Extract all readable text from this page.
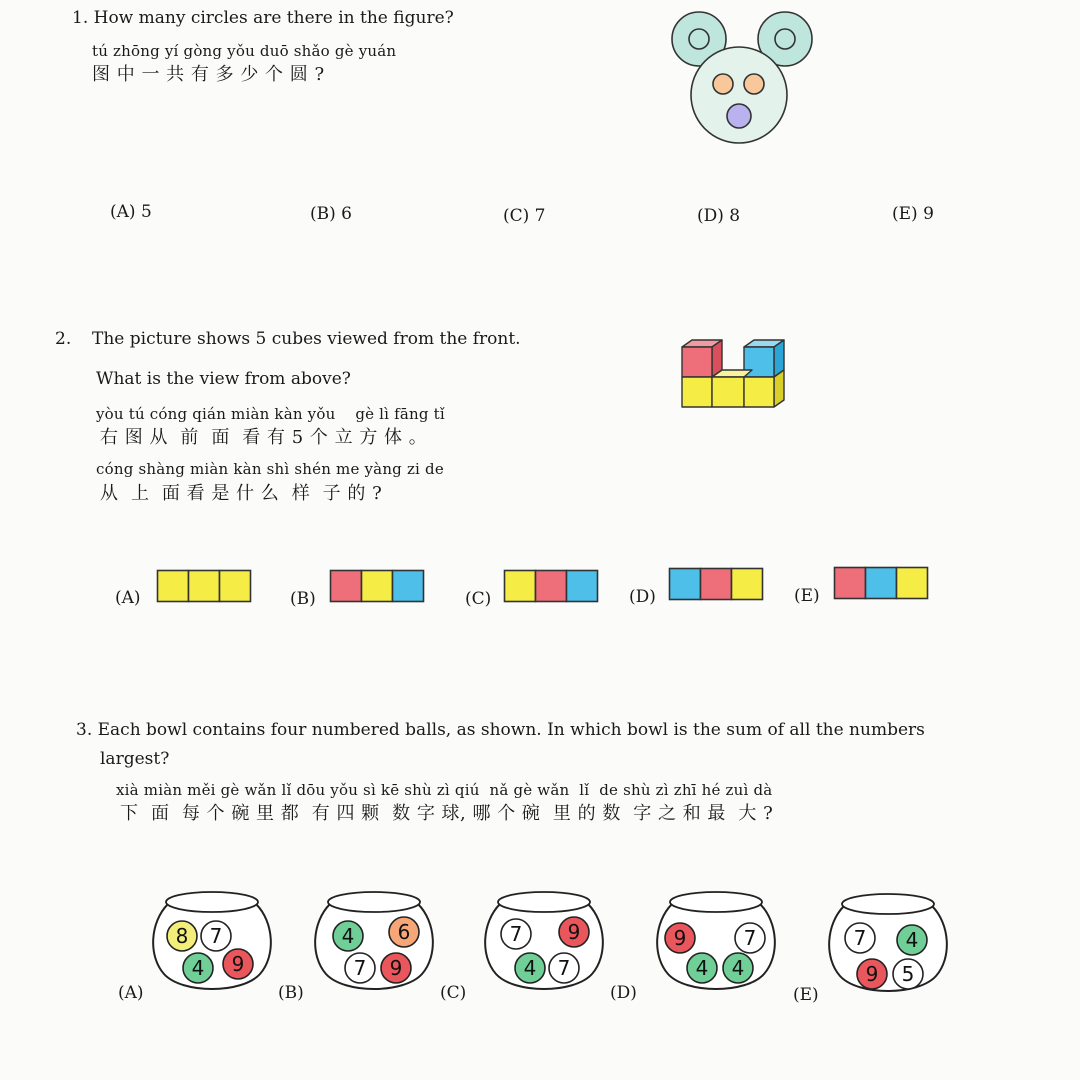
1. How many circles are there in the figure?
tú zhōng yí gòng yǒu duō shǎo gè yuán
图 中 一 共 有 多 少 个 圆 ?
(A) 5	(B) 6	(C) 7	(D) 8	(E) 9
2. The picture shows 5 cubes viewed from the front.
What is the view from above?
yòu tú cóng qián miàn kàn yǒu    gè lì fāng tǐ
右 图 从  前  面  看 有 5 个 立 方 体 。
cóng shàng miàn kàn shì shén me yàng zi de
从  上  面 看 是 什 么  样  子 的 ?
(A)	(B)	(C)	(D)	(E)
3. Each bowl contains four numbered balls, as shown. In which bowl is the sum of all the numbers
largest?
xià miàn měi gè wǎn lǐ dōu yǒu sì kē shù zì qiú  nǎ gè wǎn  lǐ  de shù zì zhī hé zuì dà
下  面  每 个 碗 里 都  有 四 颗  数 字 球, 哪 个 碗  里 的 数  字 之 和 最  大 ?
(A)
8 7
4 9
(B)
4 6
7 9
(C)
7 9
4 7
(D)
9	7
4 4
(E)
7 4
9 5
